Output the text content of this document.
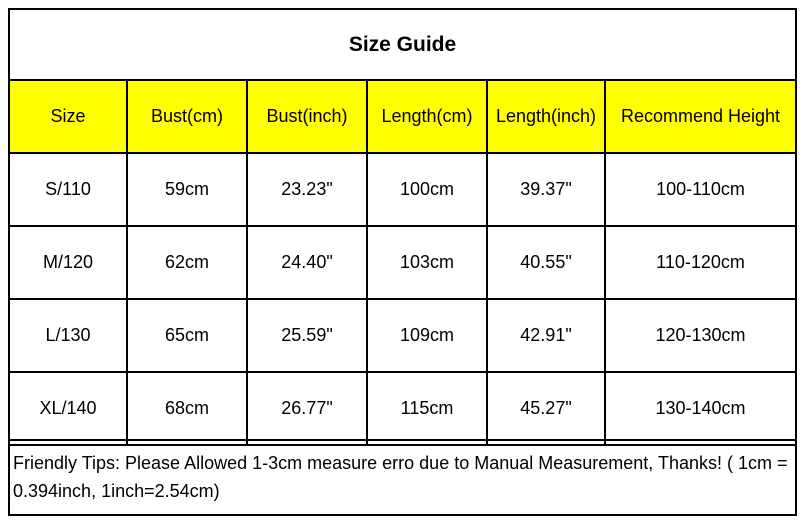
Size Guide
Size	Bust(cm)	Bust(inch)	Length(cm)	Length(inch)	Recommend Height
S/110	59cm	23.23"	100cm	39.37"	100-110cm
M/120	62cm	24.40"	103cm	40.55"	110-120cm
L/130	65cm	25.59"	109cm	42.91"	120-130cm
XL/140	68cm	26.77"	115cm	45.27"	130-140cm
Friendly Tips: Please Allowed 1-3cm measure erro due to Manual Measurement, Thanks! ( 1cm = 0.394inch, 1inch=2.54cm)
